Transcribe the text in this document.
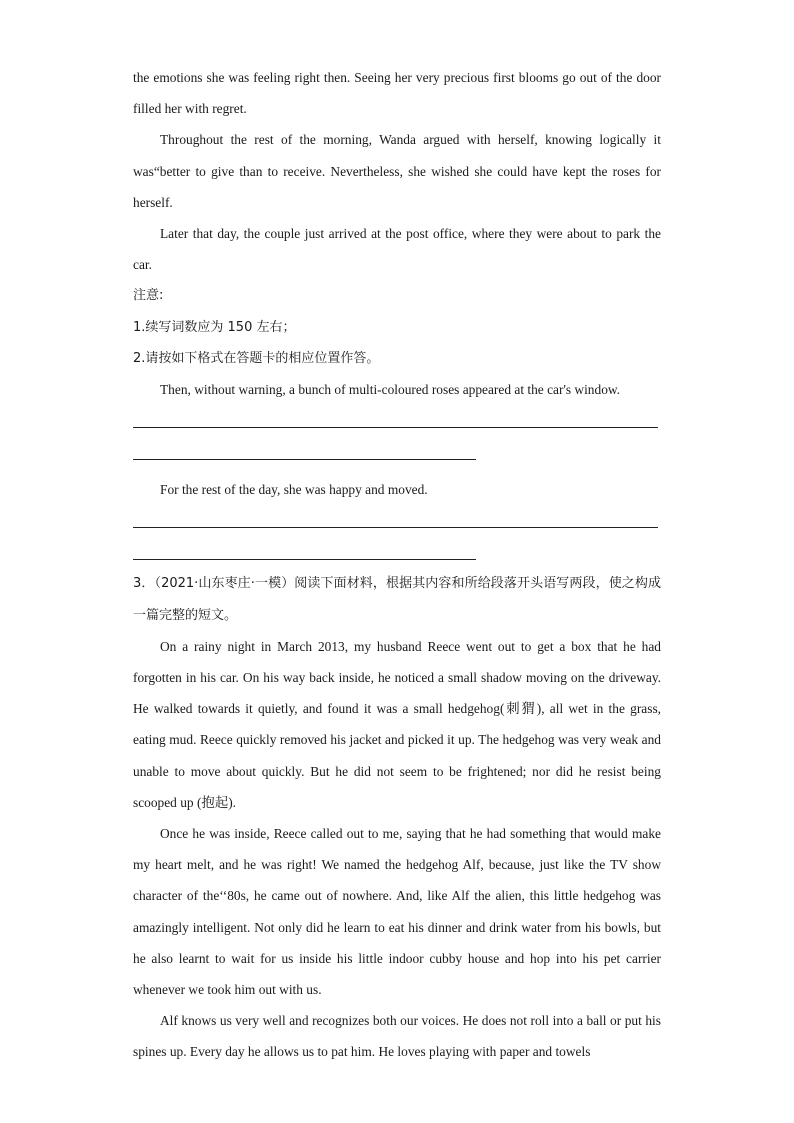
the emotions she was feeling right then. Seeing her very precious first blooms go out of the door filled her with regret.

Throughout the rest of the morning, Wanda argued with herself, knowing logically it was“better to give than to receive. Nevertheless, she wished she could have kept the roses for herself.

Later that day, the couple just arrived at the post office, where they were about to park the car.

注意:

1.续写词数应为 150 左右；

2.请按如下格式在答题卡的相应位置作答。

Then, without warning, a bunch of multi-coloured roses appeared at the car's window.

For the rest of the day, she was happy and moved.

3．（2021·山东枣庄·一模）阅读下面材料，根据其内容和所给段落开头语写两段，使之构成一篇完整的短文。

On a rainy night in March 2013, my husband Reece went out to get a box that he had forgotten in his car. On his way back inside, he noticed a small shadow moving on the driveway. He walked towards it quietly, and found it was a small hedgehog(刺猬), all wet in the grass, eating mud. Reece quickly removed his jacket and picked it up. The hedgehog was very weak and unable to move about quickly. But he did not seem to be frightened; nor did he resist being scooped up (抱起).

Once he was inside, Reece called out to me, saying that he had something that would make my heart melt, and he was right! We named the hedgehog Alf, because, just like the TV show character of the‘‘80s, he came out of nowhere. And, like Alf the alien, this little hedgehog was amazingly intelligent. Not only did he learn to eat his dinner and drink water from his bowls, but he also learnt to wait for us inside his little indoor cubby house and hop into his pet carrier whenever we took him out with us.

Alf knows us very well and recognizes both our voices. He does not roll into a ball or put his spines up. Every day he allows us to pat him. He loves playing with paper and towels
